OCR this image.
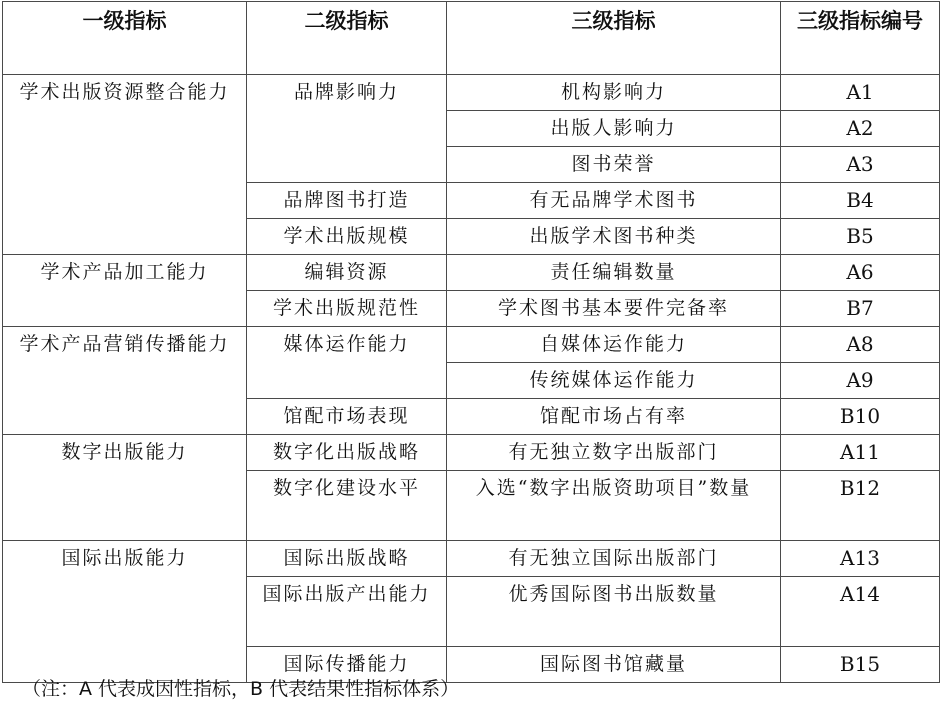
一级指标	二级指标	三级指标	三级指标编号
学术出版资源整合能力	品牌影响力	机构影响力	A1
		出版人影响力	A2
		图书荣誉	A3
	品牌图书打造	有无品牌学术图书	B4
	学术出版规模	出版学术图书种类	B5
学术产品加工能力	编辑资源	责任编辑数量	A6
	学术出版规范性	学术图书基本要件完备率	B7
学术产品营销传播能力	媒体运作能力	自媒体运作能力	A8
		传统媒体运作能力	A9
	馆配市场表现	馆配市场占有率	B10
数字出版能力	数字化出版战略	有无独立数字出版部门	A11
	数字化建设水平	入选“数字出版资助项目”数量	B12
国际出版能力	国际出版战略	有无独立国际出版部门	A13
	国际出版产出能力	优秀国际图书出版数量	A14
	国际传播能力	国际图书馆藏量	B15
（注：A 代表成因性指标，B 代表结果性指标体系）
